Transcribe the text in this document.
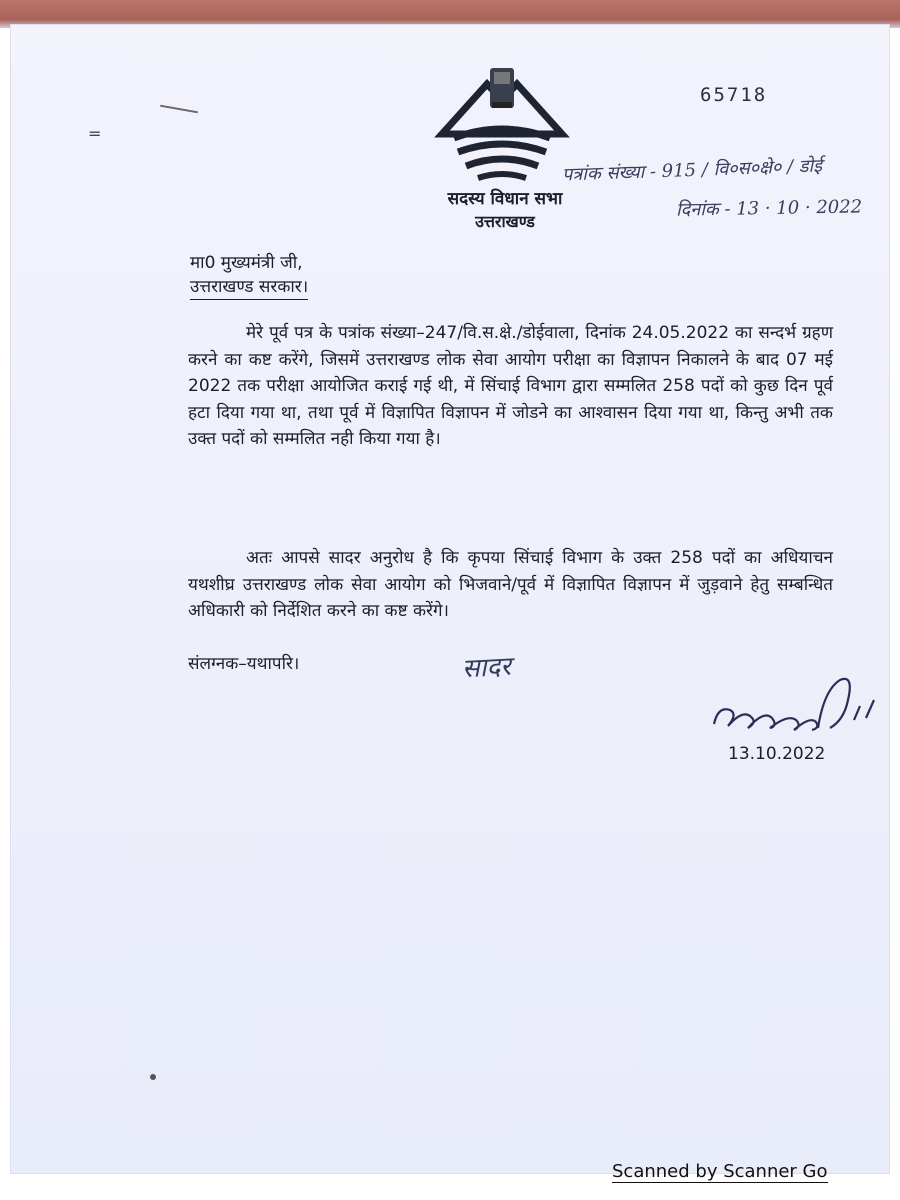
=
सदस्य विधान सभा
उत्तराखण्ड
65718
पत्रांक संख्या - 915 / वि०स०क्षे० / डोई
दिनांक - 13 · 10 · 2022
मा0 मुख्यमंत्री जी,
उत्तराखण्ड सरकार।

मेरे पूर्व पत्र के पत्रांक संख्या–247/वि.स.क्षे./डोईवाला, दिनांक 24.05.2022 का सन्दर्भ ग्रहण करने का कष्ट करेंगे, जिसमें उत्तराखण्ड लोक सेवा आयोग परीक्षा का विज्ञापन निकालने के बाद 07 मई 2022 तक परीक्षा आयोजित कराई गई थी, में सिंचाई विभाग द्वारा सम्मलित 258 पदों को कुछ दिन पूर्व हटा दिया गया था, तथा पूर्व में विज्ञापित विज्ञापन में जोडने का आश्वासन दिया गया था, किन्तु अभी तक उक्त पदों को सम्मलित नही किया गया है।

अतः आपसे सादर अनुरोध है कि कृपया सिंचाई विभाग के उक्त 258 पदों का अधियाचन यथशीघ्र उत्तराखण्ड लोक सेवा आयोग को भिजवाने/पूर्व में विज्ञापित विज्ञापन में जुड़वाने हेतु सम्बन्धित अधिकारी को निर्देशित करने का कष्ट करेंगे।

संलग्नक–यथापरि।	सादर
13.10.2022
Scanned by Scanner Go
